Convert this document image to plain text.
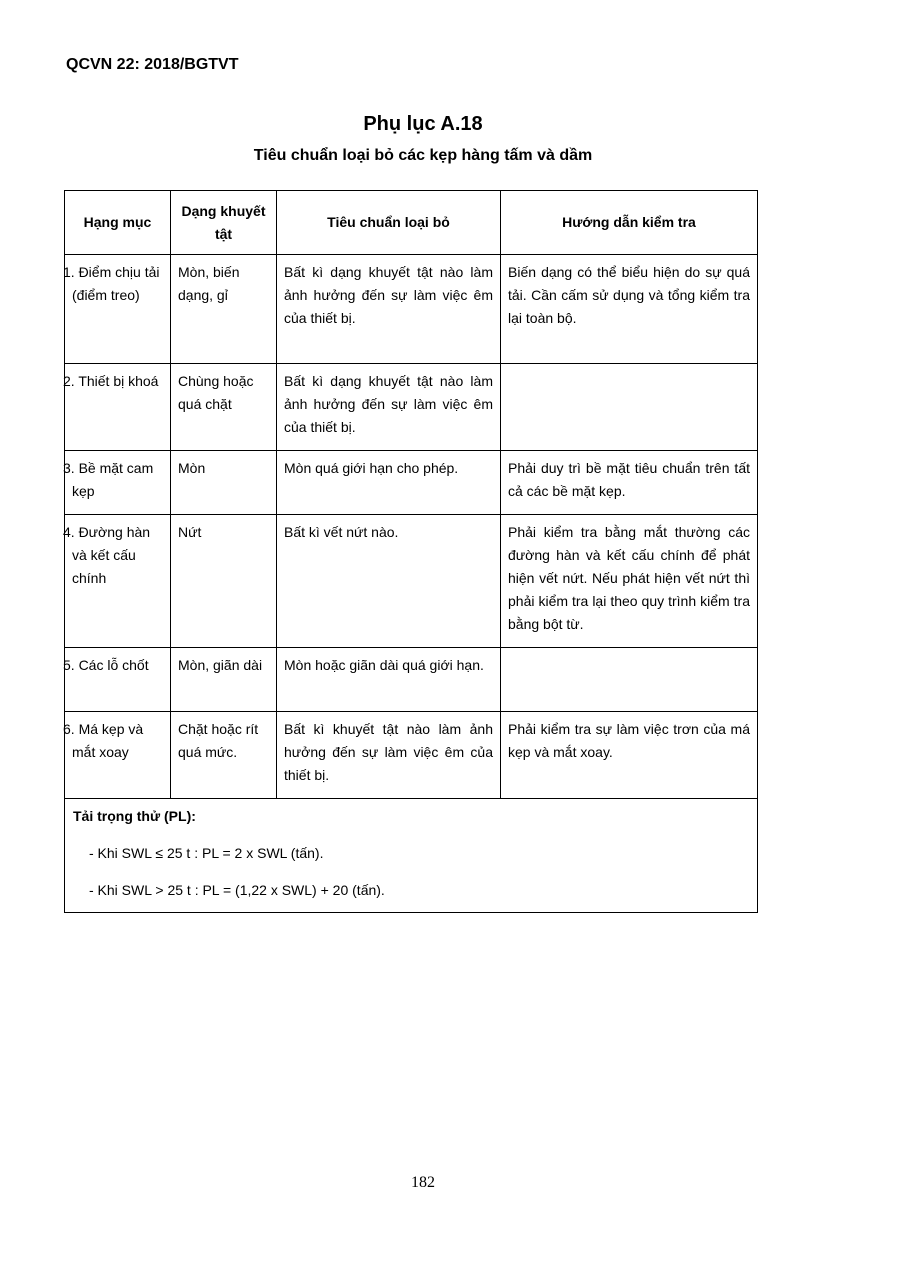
QCVN 22: 2018/BGTVT
Phụ lục A.18
Tiêu chuẩn loại bỏ các kẹp hàng tấm và dầm
Hạng mục	Dạng khuyết tật	Tiêu chuẩn loại bỏ	Hướng dẫn kiểm tra
1. Điểm chịu tải (điểm treo)	Mòn, biến dạng, gỉ	Bất kì dạng khuyết tật nào làm ảnh hưởng đến sự làm việc êm của thiết bị.	Biến dạng có thể biểu hiện do sự quá tải. Cần cấm sử dụng và tổng kiểm tra lại toàn bộ.
2. Thiết bị khoá	Chùng hoặc quá chặt	Bất kì dạng khuyết tật nào làm ảnh hưởng đến sự làm việc êm của thiết bị.	
3. Bề mặt cam kẹp	Mòn	Mòn quá giới hạn cho phép.	Phải duy trì bề mặt tiêu chuẩn trên tất cả các bề mặt kẹp.
4. Đường hàn và kết cấu chính	Nứt	Bất kì vết nứt nào.	Phải kiểm tra bằng mắt thường các đường hàn và kết cấu chính để phát hiện vết nứt. Nếu phát hiện vết nứt thì phải kiểm tra lại theo quy trình kiểm tra bằng bột từ.
5. Các lỗ chốt	Mòn, giãn dài	Mòn hoặc giãn dài quá giới hạn.	
6. Má kẹp và mắt xoay	Chặt hoặc rít quá mức.	Bất kì khuyết tật nào làm ảnh hưởng đến sự làm việc êm của thiết bị.	Phải kiểm tra sự làm việc trơn của má kẹp và mắt xoay.

Tải trọng thử (PL):
- Khi SWL ≤ 25 t : PL = 2 x SWL (tấn).
- Khi SWL > 25 t : PL = (1,22 x SWL) + 20 (tấn).			
182
